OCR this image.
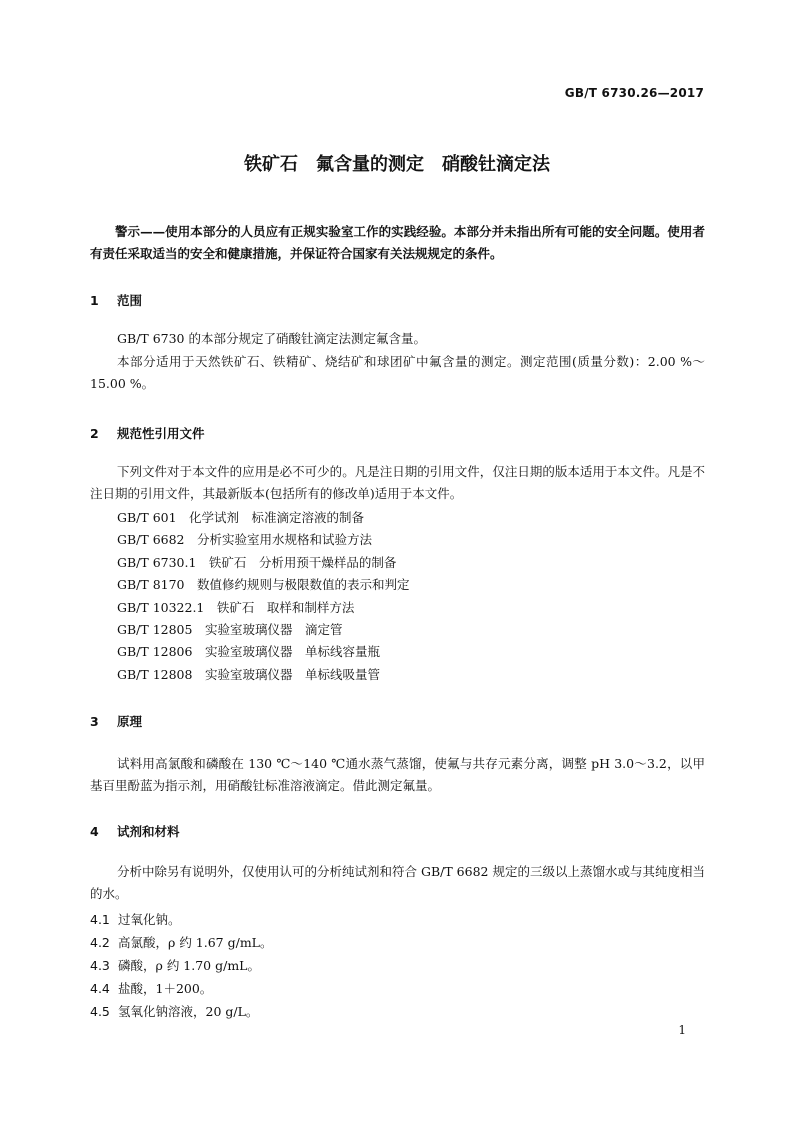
GB/T 6730.26—2017
铁矿石　氟含量的测定　硝酸钍滴定法
警示——使用本部分的人员应有正规实验室工作的实践经验。本部分并未指出所有可能的安全问题。使用者有责任采取适当的安全和健康措施，并保证符合国家有关法规规定的条件。
1 范围
GB/T 6730 的本部分规定了硝酸钍滴定法测定氟含量。
本部分适用于天然铁矿石、铁精矿、烧结矿和球团矿中氟含量的测定。测定范围(质量分数)：2.00 %～15.00 %。
2 规范性引用文件
下列文件对于本文件的应用是必不可少的。凡是注日期的引用文件，仅注日期的版本适用于本文件。凡是不注日期的引用文件，其最新版本(包括所有的修改单)适用于本文件。
GB/T 601　化学试剂　标准滴定溶液的制备
GB/T 6682　分析实验室用水规格和试验方法
GB/T 6730.1　铁矿石　分析用预干燥样品的制备
GB/T 8170　数值修约规则与极限数值的表示和判定
GB/T 10322.1　铁矿石　取样和制样方法
GB/T 12805　实验室玻璃仪器　滴定管
GB/T 12806　实验室玻璃仪器　单标线容量瓶
GB/T 12808　实验室玻璃仪器　单标线吸量管
3 原理
试料用高氯酸和磷酸在 130 ℃～140 ℃通水蒸气蒸馏，使氟与共存元素分离，调整 pH 3.0～3.2，以甲基百里酚蓝为指示剂，用硝酸钍标准溶液滴定。借此测定氟量。
4 试剂和材料
分析中除另有说明外，仅使用认可的分析纯试剂和符合 GB/T 6682 规定的三级以上蒸馏水或与其纯度相当的水。
4.1 过氧化钠。
4.2 高氯酸，ρ 约 1.67 g/mL。
4.3 磷酸，ρ 约 1.70 g/mL。
4.4 盐酸，1＋200。
4.5 氢氧化钠溶液，20 g/L。
1
